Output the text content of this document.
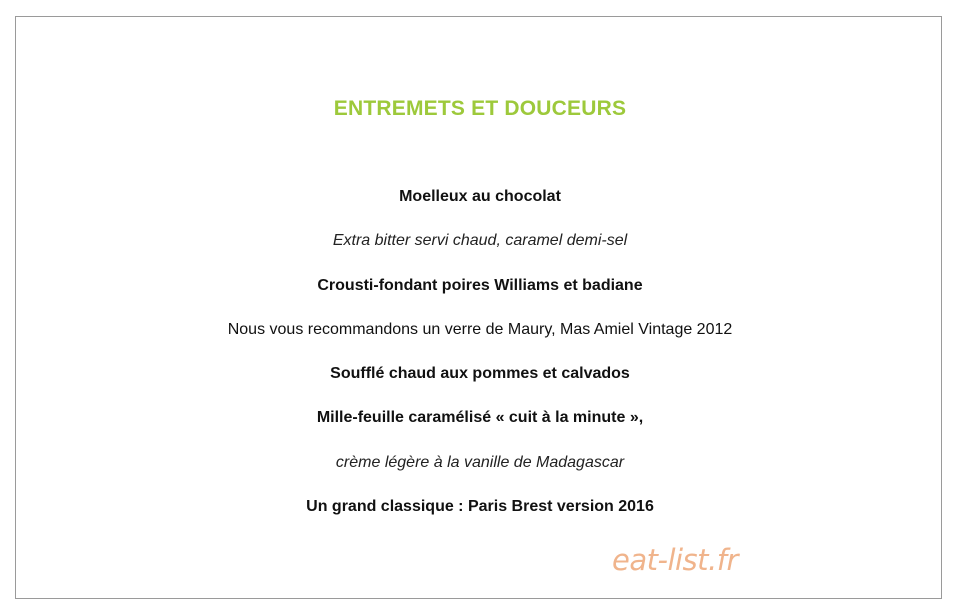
ENTREMETS ET DOUCEURS
Moelleux au chocolat
Extra bitter servi chaud, caramel demi-sel
Crousti-fondant poires Williams et badiane
Nous vous recommandons un verre de Maury, Mas Amiel Vintage 2012
Soufflé chaud aux pommes et calvados
Mille-feuille caramélisé « cuit à la minute »,
crème légère à la vanille de Madagascar
Un grand classique : Paris Brest version 2016
eat-list.fr
